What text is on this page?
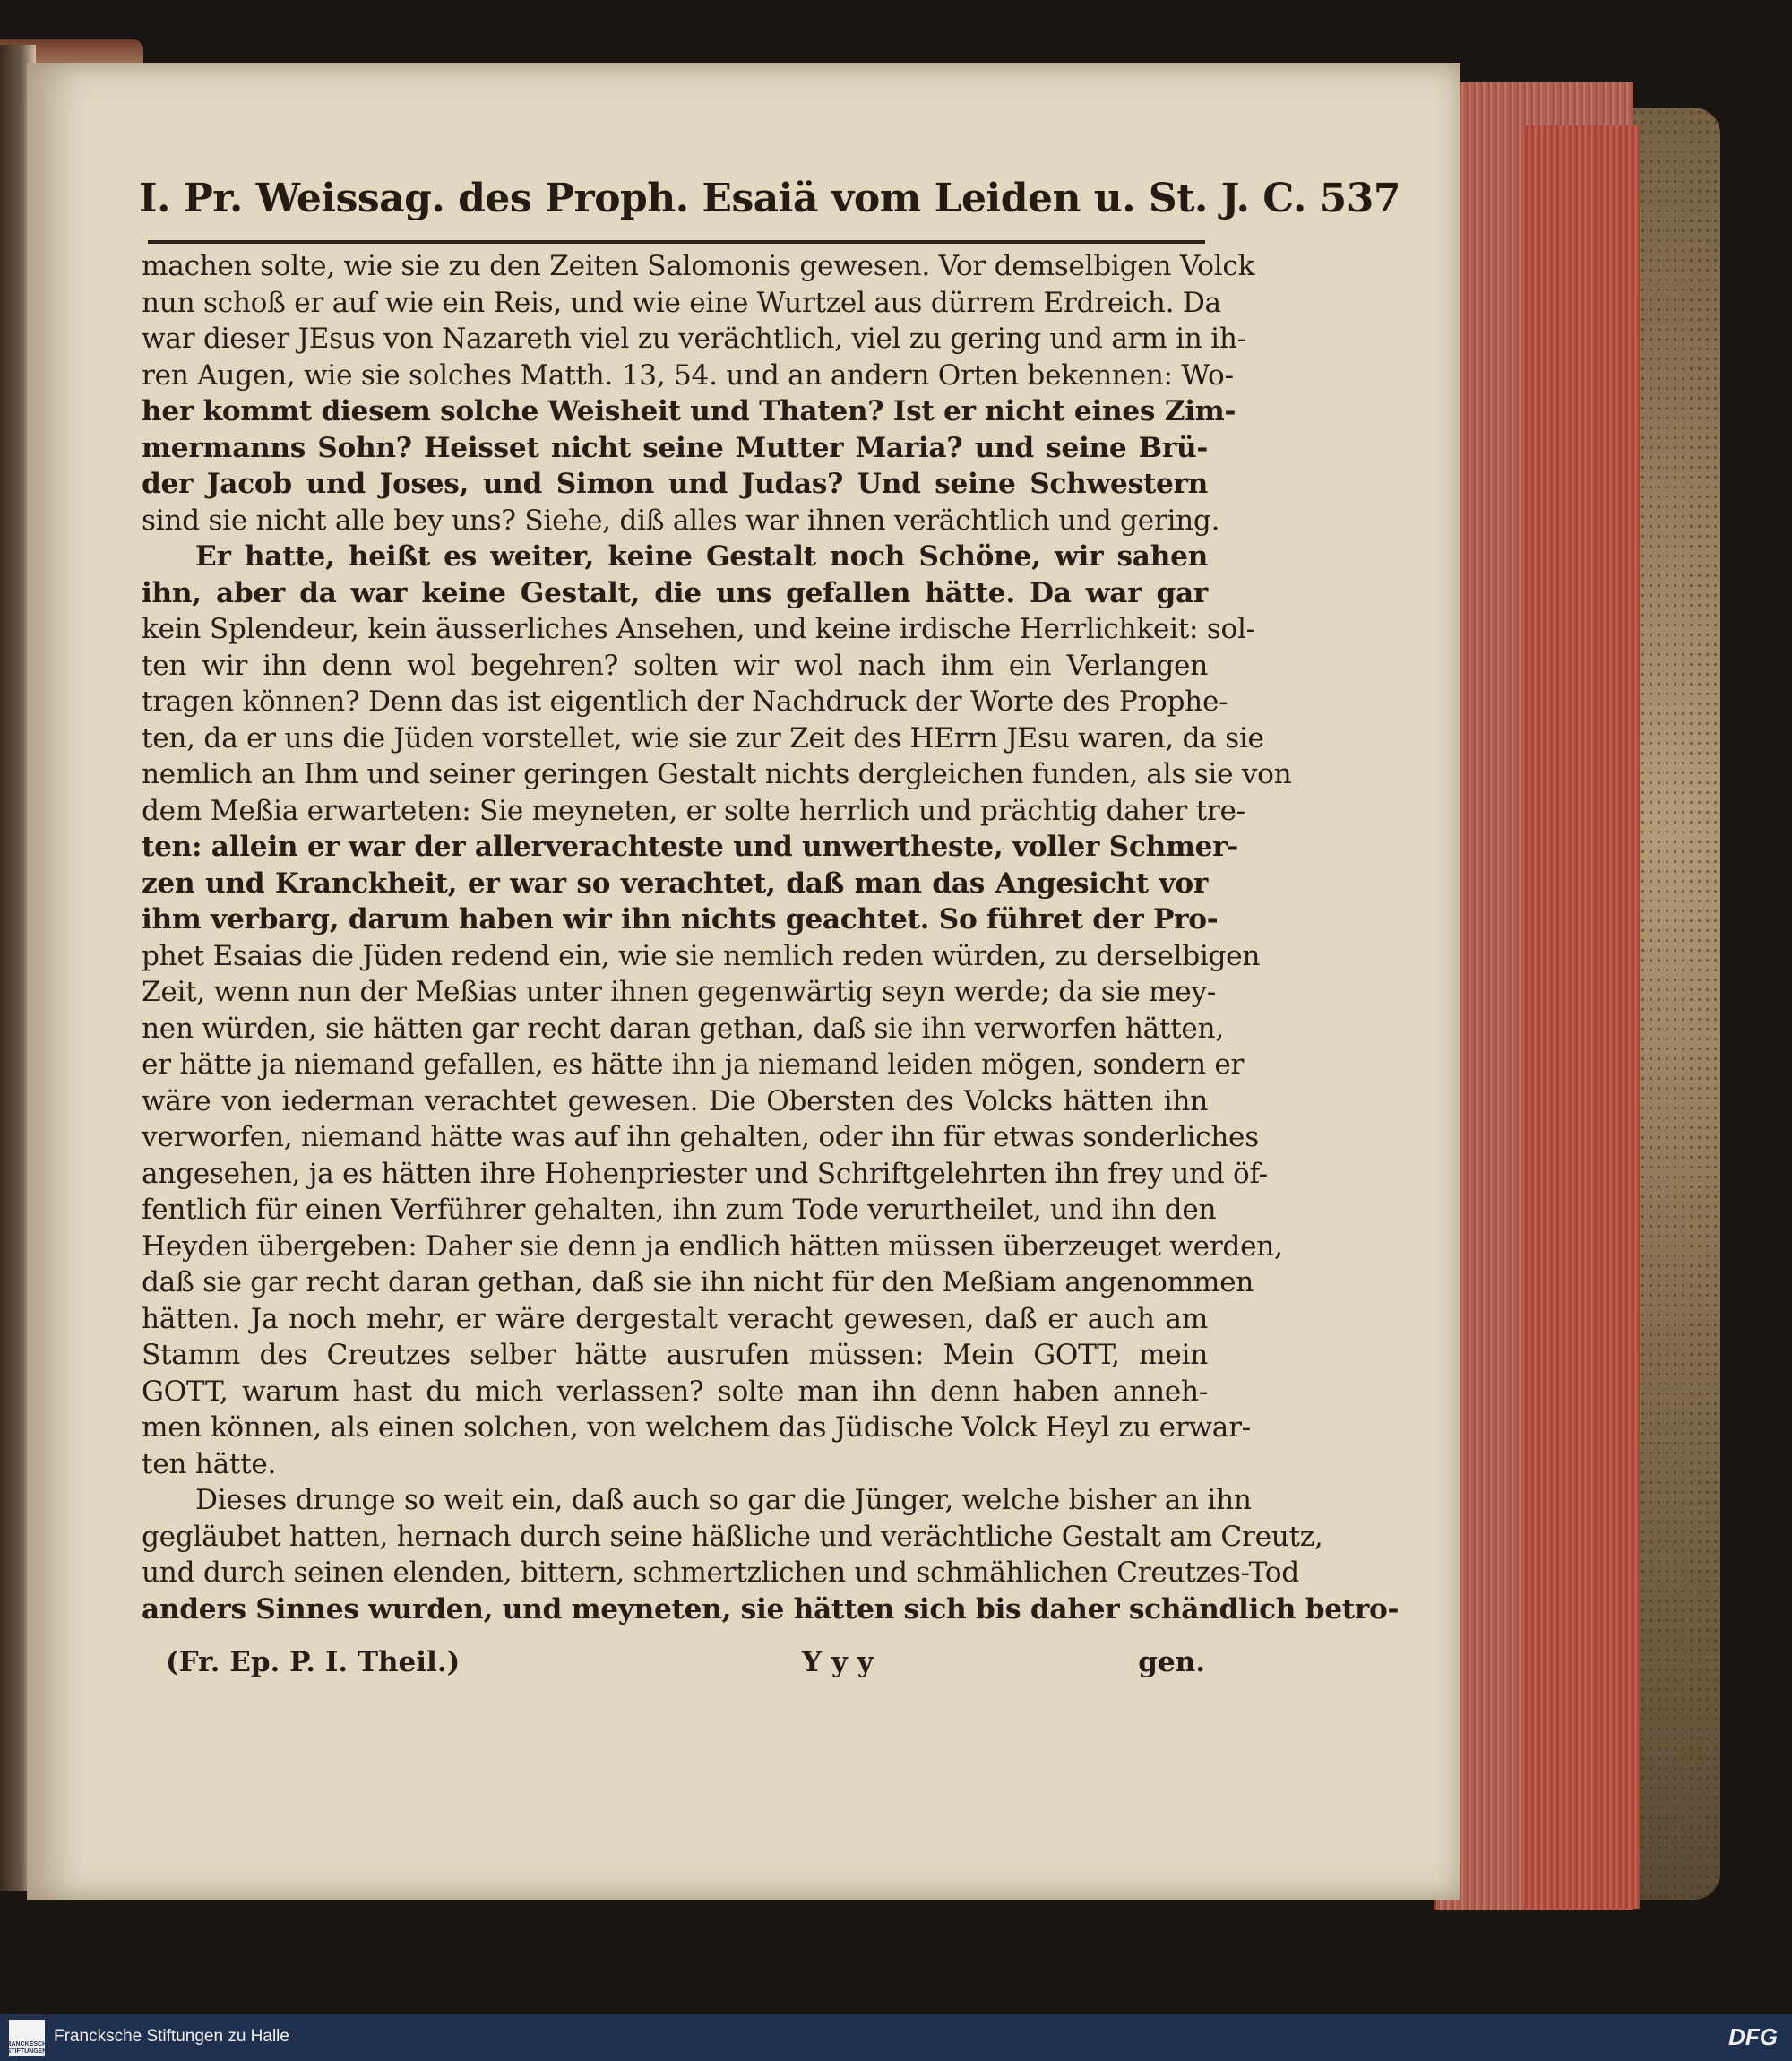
I. Pr. Weissag. des Proph. Esaiä vom Leiden u. St. J. C. 537
machen solte, wie sie zu den Zeiten Salomonis gewesen. Vor demselbigen Volck
nun schoß er auf wie ein Reis, und wie eine Wurtzel aus dürrem Erdreich. Da
war dieser JEsus von Nazareth viel zu verächtlich, viel zu gering und arm in ih-
ren Augen, wie sie solches Matth. 13, 54. und an andern Orten bekennen: Wo-
her kommt diesem solche Weisheit und Thaten? Ist er nicht eines Zim-
mermanns Sohn? Heisset nicht seine Mutter Maria? und seine Brü-
der Jacob und Joses, und Simon und Judas? Und seine Schwestern
sind sie nicht alle bey uns? Siehe, diß alles war ihnen verächtlich und gering.
Er hatte, heißt es weiter, keine Gestalt noch Schöne, wir sahen
ihn, aber da war keine Gestalt, die uns gefallen hätte. Da war gar
kein Splendeur, kein äusserliches Ansehen, und keine irdische Herrlichkeit: sol-
ten wir ihn denn wol begehren? solten wir wol nach ihm ein Verlangen
tragen können? Denn das ist eigentlich der Nachdruck der Worte des Prophe-
ten, da er uns die Jüden vorstellet, wie sie zur Zeit des HErrn JEsu waren, da sie
nemlich an Ihm und seiner geringen Gestalt nichts dergleichen funden, als sie von
dem Meßia erwarteten: Sie meyneten, er solte herrlich und prächtig daher tre-
ten: allein er war der allerverachteste und unwertheste, voller Schmer-
zen und Kranckheit, er war so verachtet, daß man das Angesicht vor
ihm verbarg, darum haben wir ihn nichts geachtet. So führet der Pro-
phet Esaias die Jüden redend ein, wie sie nemlich reden würden, zu derselbigen
Zeit, wenn nun der Meßias unter ihnen gegenwärtig seyn werde; da sie mey-
nen würden, sie hätten gar recht daran gethan, daß sie ihn verworfen hätten,
er hätte ja niemand gefallen, es hätte ihn ja niemand leiden mögen, sondern er
wäre von iederman verachtet gewesen. Die Obersten des Volcks hätten ihn
verworfen, niemand hätte was auf ihn gehalten, oder ihn für etwas sonderliches
angesehen, ja es hätten ihre Hohenpriester und Schriftgelehrten ihn frey und öf-
fentlich für einen Verführer gehalten, ihn zum Tode verurtheilet, und ihn den
Heyden übergeben: Daher sie denn ja endlich hätten müssen überzeuget werden,
daß sie gar recht daran gethan, daß sie ihn nicht für den Meßiam angenommen
hätten. Ja noch mehr, er wäre dergestalt veracht gewesen, daß er auch am
Stamm des Creutzes selber hätte ausrufen müssen: Mein GOTT, mein
GOTT, warum hast du mich verlassen? solte man ihn denn haben anneh-
men können, als einen solchen, von welchem das Jüdische Volck Heyl zu erwar-
ten hätte.
Dieses drunge so weit ein, daß auch so gar die Jünger, welche bisher an ihn
gegläubet hatten, hernach durch seine häßliche und verächtliche Gestalt am Creutz,
und durch seinen elenden, bittern, schmertzlichen und schmählichen Creutzes-Tod
anders Sinnes wurden, und meyneten, sie hätten sich bis daher schändlich betro-
(Fr. Ep. P. I. Theil.)	Y y y	gen.
FRANCKESCHE STIFTUNGEN
Francksche Stiftungen zu Halle	DFG
